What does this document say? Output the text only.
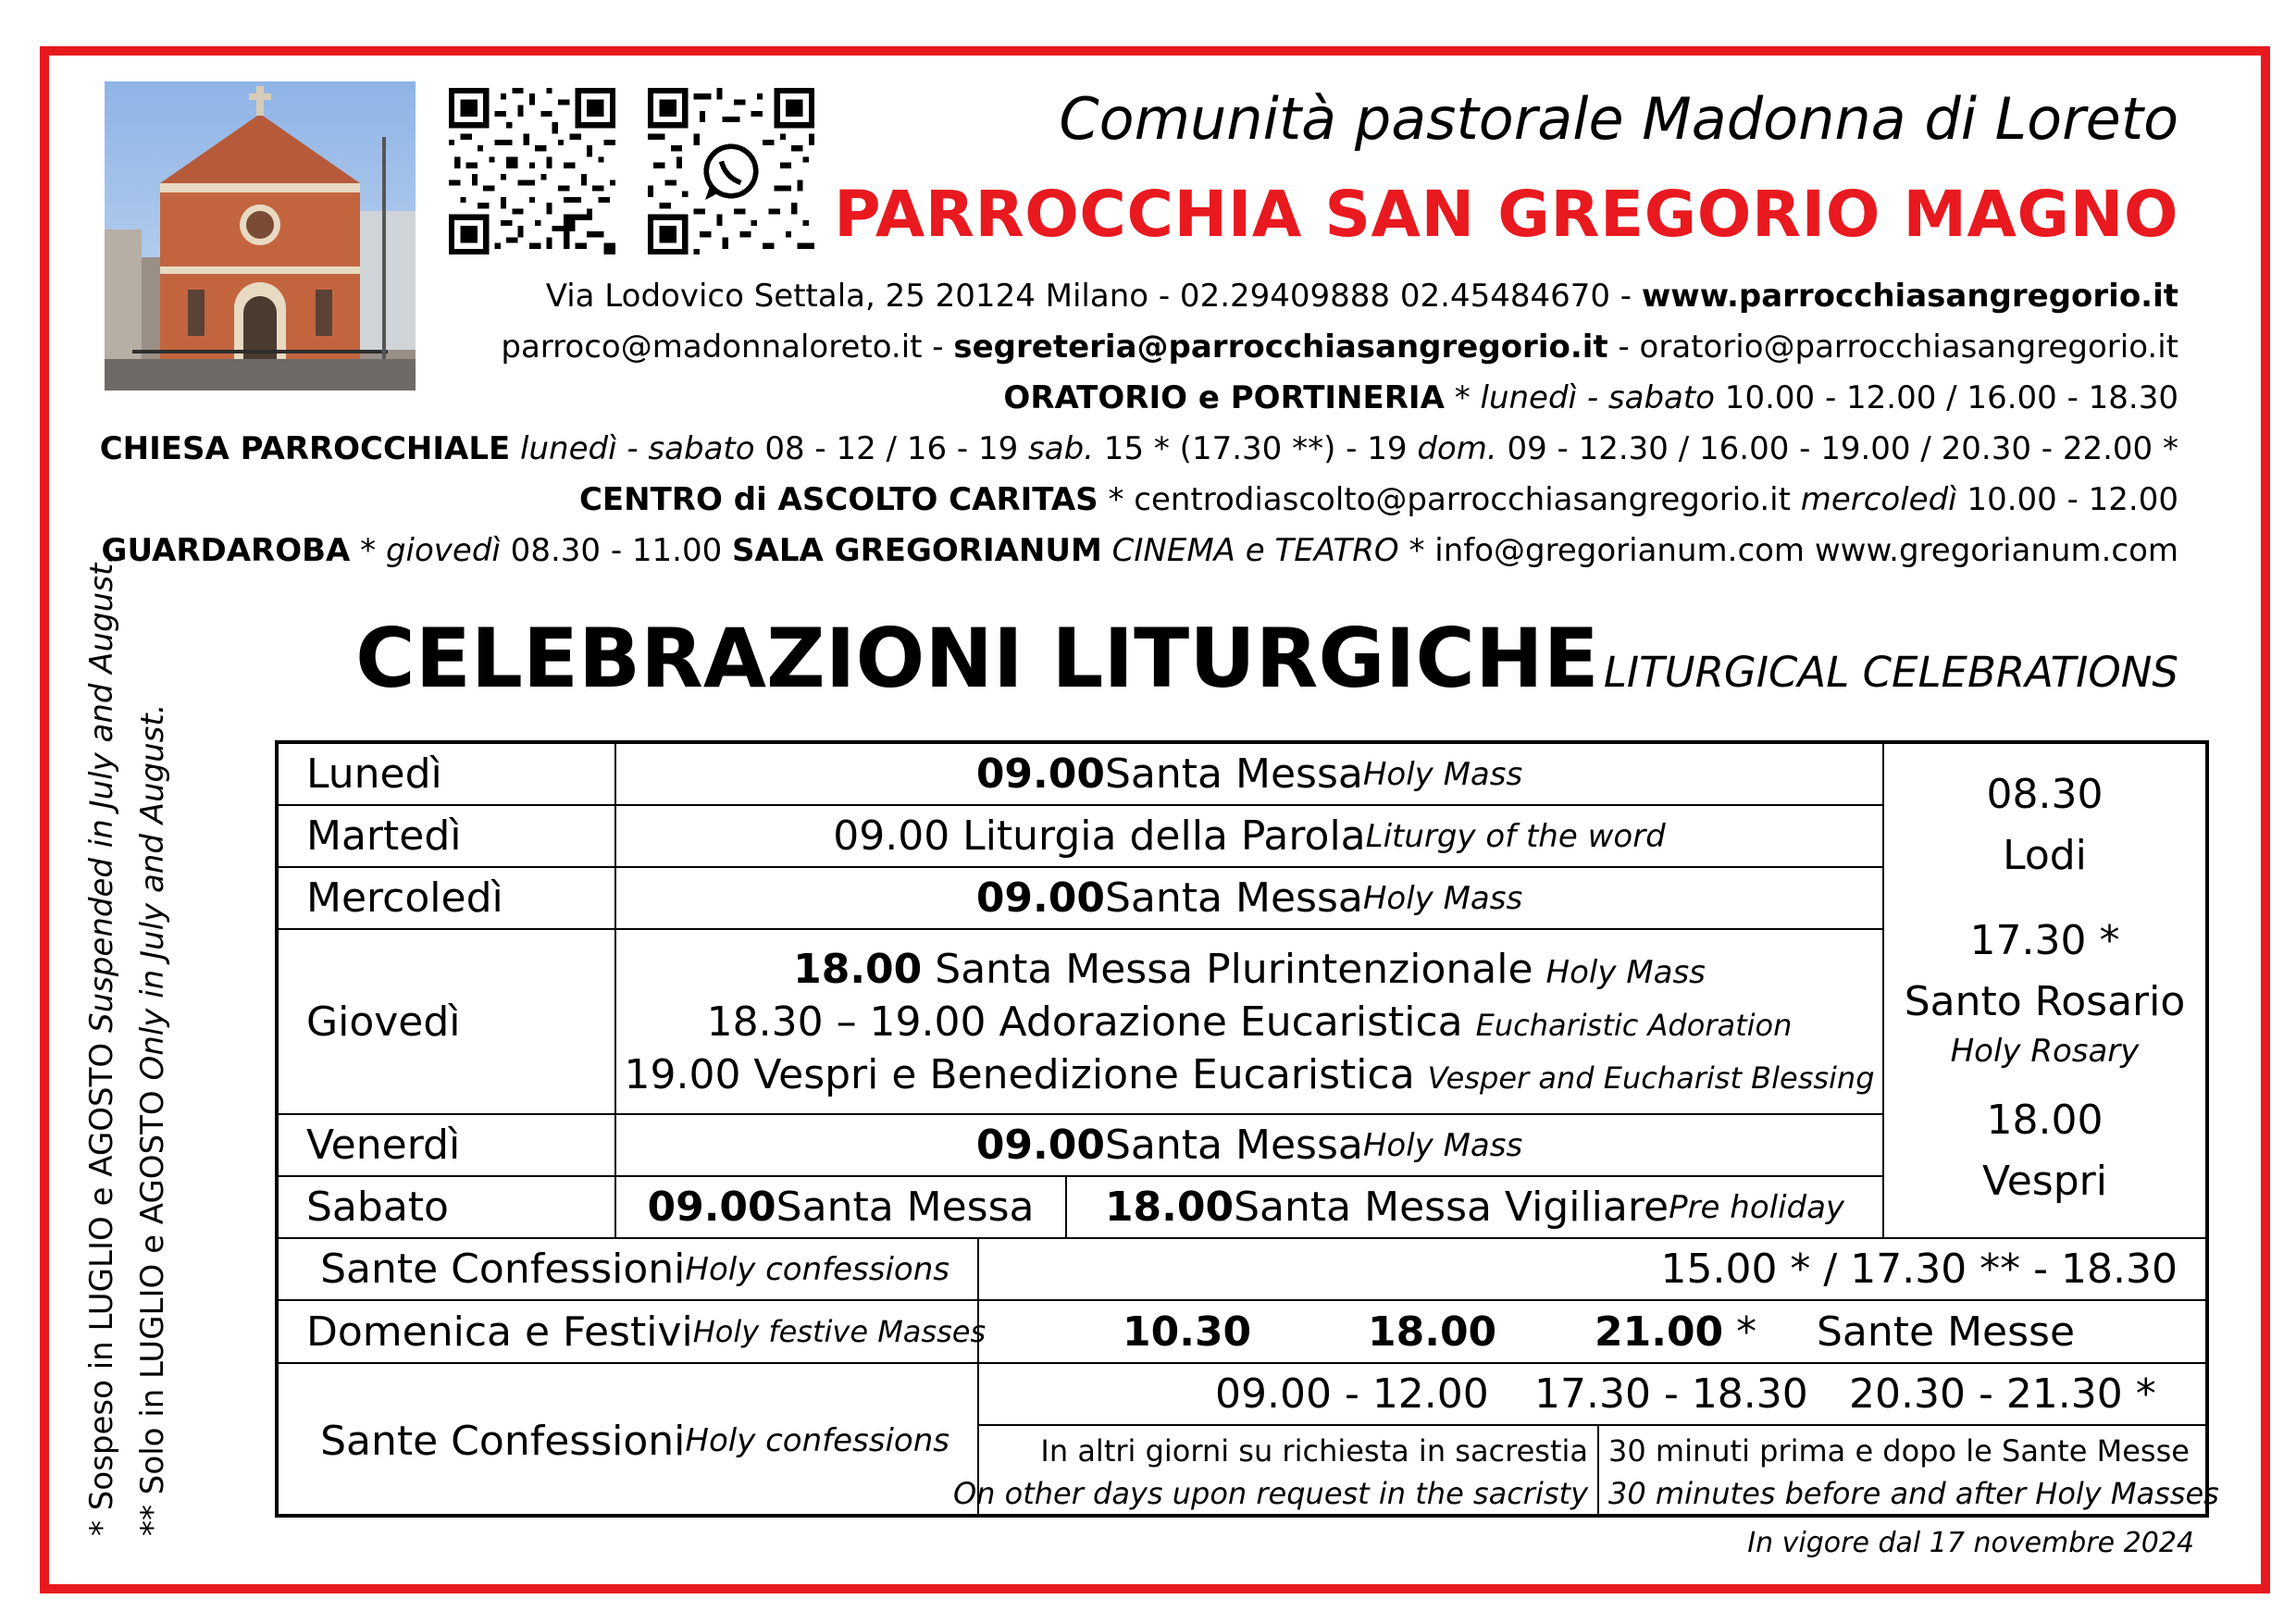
Comunità pastorale Madonna di Loreto
PARROCCHIA SAN GREGORIO MAGNO
Via Lodovico Settala, 25 20124 Milano - 02.29409888 02.45484670 - www.parrocchiasangregorio.it
parroco@madonnaloreto.it - segreteria@parrocchiasangregorio.it - oratorio@parrocchiasangregorio.it
ORATORIO e PORTINERIA * lunedì - sabato 10.00 - 12.00 / 16.00 - 18.30
CHIESA PARROCCHIALE lunedì - sabato 08 - 12 / 16 - 19 sab. 15 * (17.30 **) - 19 dom. 09 - 12.30 / 16.00 - 19.00 / 20.30 - 22.00 *
CENTRO di ASCOLTO CARITAS * centrodiascolto@parrocchiasangregorio.it mercoledì 10.00 - 12.00
GUARDAROBA * giovedì 08.30 - 11.00 SALA GREGORIANUM CINEMA e TEATRO * info@gregorianum.com www.gregorianum.com
* Sospeso in LUGLIO e AGOSTO Suspended in July and August.
** Solo in LUGLIO e AGOSTO Only in July and August.
CELEBRAZIONI LITURGICHE LITURGICAL CELEBRATIONS
Lunedì	09.00 Santa Messa Holy Mass
Martedì	09.00 Liturgia della Parola Liturgy of the word
Mercoledì	09.00 Santa Messa Holy Mass
Giovedì
18.00 Santa Messa Plurintenzionale Holy Mass
18.30 – 19.00 Adorazione Eucaristica Eucharistic Adoration
19.00 Vespri e Benedizione Eucaristica Vesper and Eucharist Blessing
Venerdì	09.00 Santa Messa Holy Mass
Sabato	09.00 Santa Messa 18.00 Santa Messa Vigiliare Pre holiday
08.30
Lodi
17.30 *
Santo Rosario
Holy Rosary
18.00
Vespri
Sante Confessioni Holy confessions	15.00 * / 17.30 ** - 18.30
Domenica e Festivi Holy festive Masses	10.30	18.00 21.00 * Sante Messe
Sante Confessioni Holy confessions
09.00 - 12.00 17.30 - 18.30 20.30 - 21.30 *
In altri giorni su richiesta in sacrestia
On other days upon request in the sacristy
30 minuti prima e dopo le Sante Messe
30 minutes before and after Holy Masses
In vigore dal 17 novembre 2024
